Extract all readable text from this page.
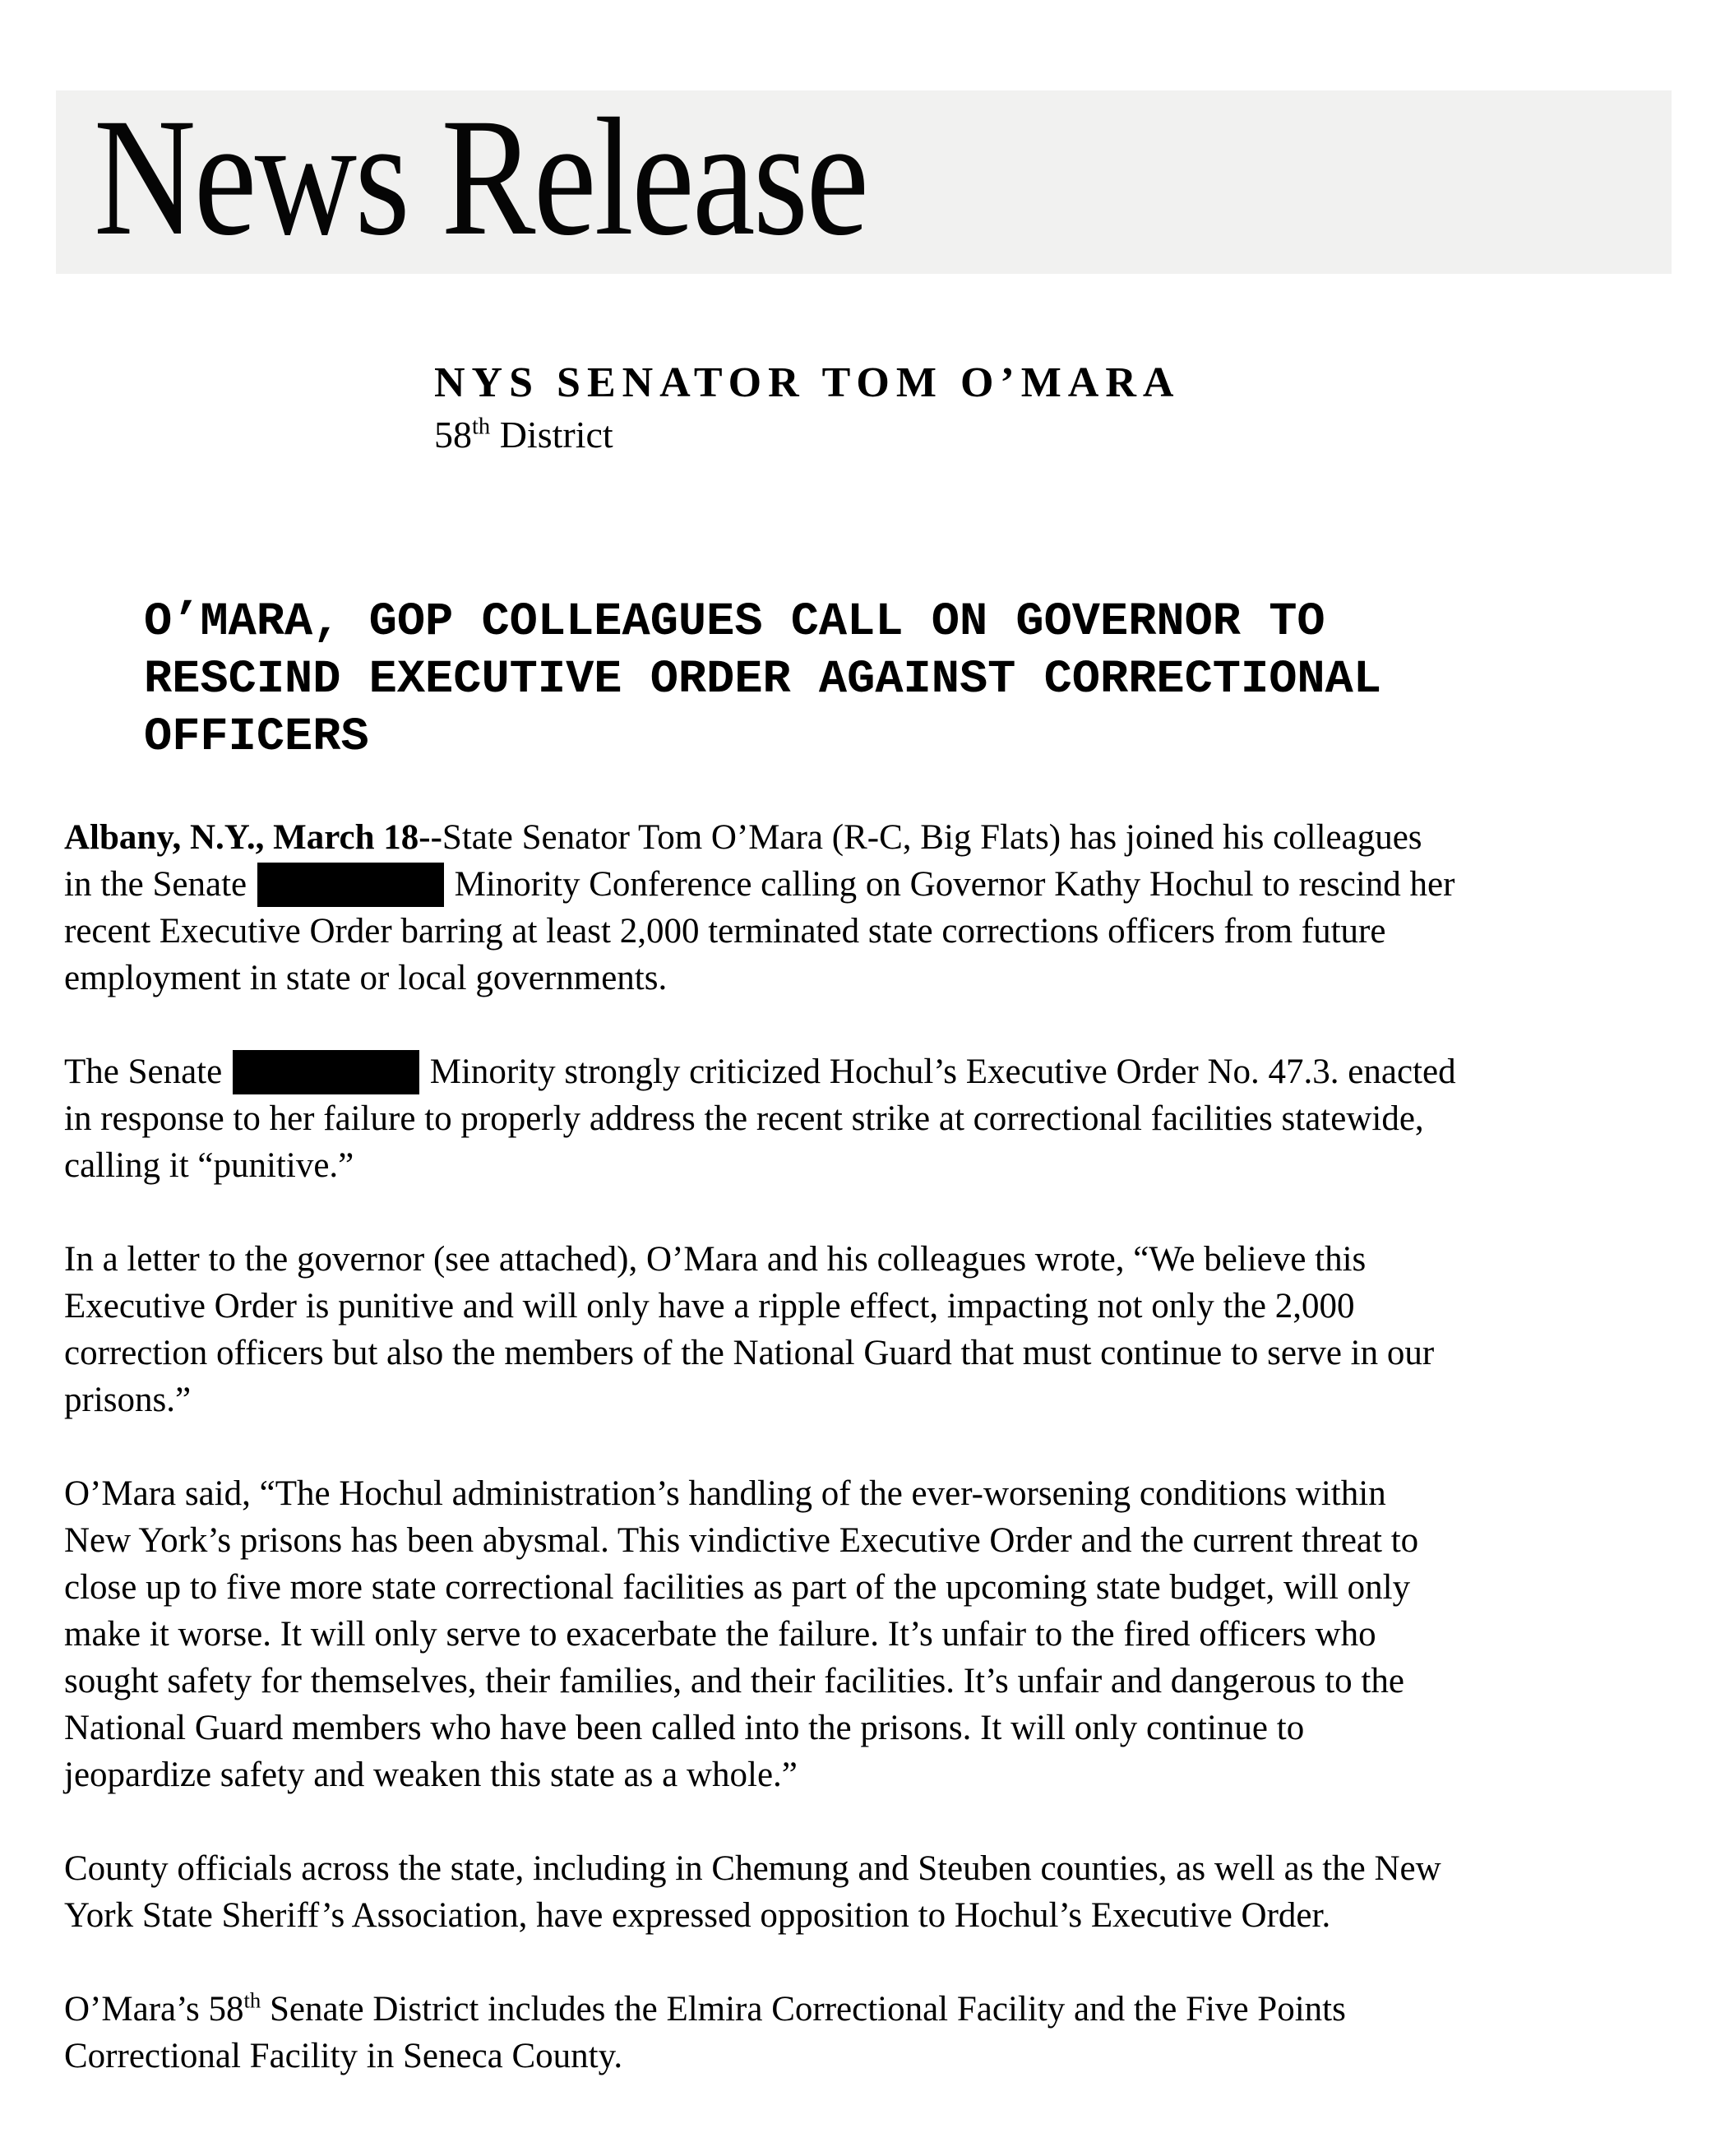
News Release
NYS SENATOR TOM O’MARA
58th District
O’MARA, GOP COLLEAGUES CALL ON GOVERNOR TO
RESCIND EXECUTIVE ORDER AGAINST CORRECTIONAL
OFFICERS

Albany, N.Y., March 18--State Senator Tom O’Mara (R-C, Big Flats) has joined his colleagues
in the Senate	Minority Conference calling on Governor Kathy Hochul to rescind her
recent Executive Order barring at least 2,000 terminated state corrections officers from future
employment in state or local governments.

The Senate	Minority strongly criticized Hochul’s Executive Order No. 47.3. enacted
in response to her failure to properly address the recent strike at correctional facilities statewide,
calling it “punitive.”

In a letter to the governor (see attached), O’Mara and his colleagues wrote, “We believe this
Executive Order is punitive and will only have a ripple effect, impacting not only the 2,000
correction officers but also the members of the National Guard that must continue to serve in our
prisons.”

O’Mara said, “The Hochul administration’s handling of the ever-worsening conditions within
New York’s prisons has been abysmal. This vindictive Executive Order and the current threat to
close up to five more state correctional facilities as part of the upcoming state budget, will only
make it worse. It will only serve to exacerbate the failure. It’s unfair to the fired officers who
sought safety for themselves, their families, and their facilities. It’s unfair and dangerous to the
National Guard members who have been called into the prisons. It will only continue to
jeopardize safety and weaken this state as a whole.”

County officials across the state, including in Chemung and Steuben counties, as well as the New
York State Sheriff’s Association, have expressed opposition to Hochul’s Executive Order.

O’Mara’s 58th Senate District includes the Elmira Correctional Facility and the Five Points
Correctional Facility in Seneca County.
